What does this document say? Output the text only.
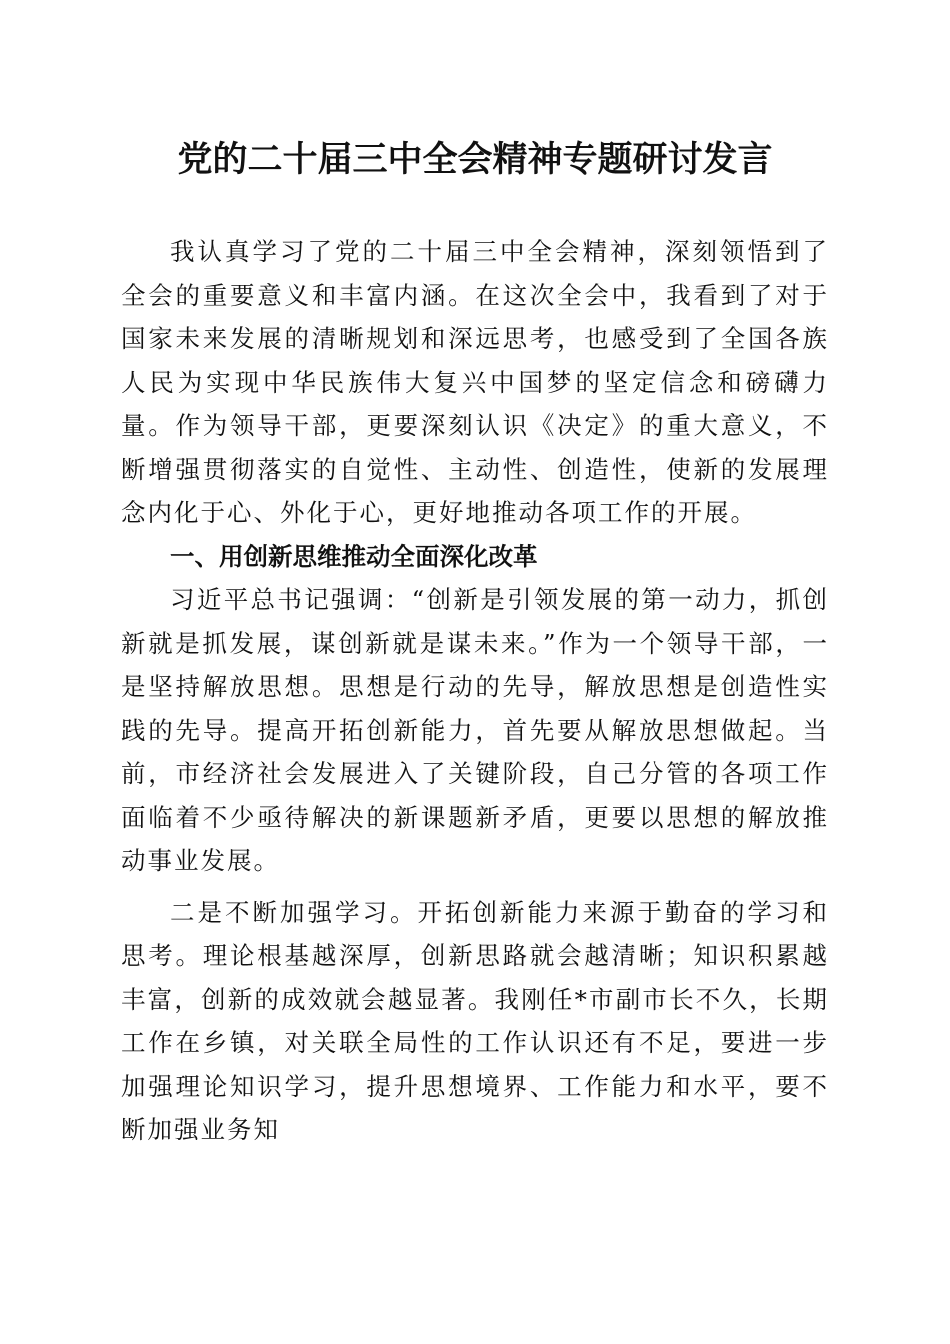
党的二十届三中全会精神专题研讨发言

我认真学习了党的二十届三中全会精神，深刻领悟到了全会的重要意义和丰富内涵。在这次全会中，我看到了对于国家未来发展的清晰规划和深远思考，也感受到了全国各族人民为实现中华民族伟大复兴中国梦的坚定信念和磅礴力量。作为领导干部，更要深刻认识《决定》的重大意义，不断增强贯彻落实的自觉性、主动性、创造性，使新的发展理念内化于心、外化于心，更好地推动各项工作的开展。

一、用创新思维推动全面深化改革

习近平总书记强调：“创新是引领发展的第一动力，抓创新就是抓发展，谋创新就是谋未来。”作为一个领导干部，一是坚持解放思想。思想是行动的先导，解放思想是创造性实践的先导。提高开拓创新能力，首先要从解放思想做起。当前，市经济社会发展进入了关键阶段，自己分管的各项工作面临着不少亟待解决的新课题新矛盾，更要以思想的解放推动事业发展。

二是不断加强学习。开拓创新能力来源于勤奋的学习和思考。理论根基越深厚，创新思路就会越清晰；知识积累越丰富，创新的成效就会越显著。我刚任*市副市长不久，长期工作在乡镇，对关联全局性的工作认识还有不足，要进一步加强理论知识学习，提升思想境界、工作能力和水平，要不断加强业务知
